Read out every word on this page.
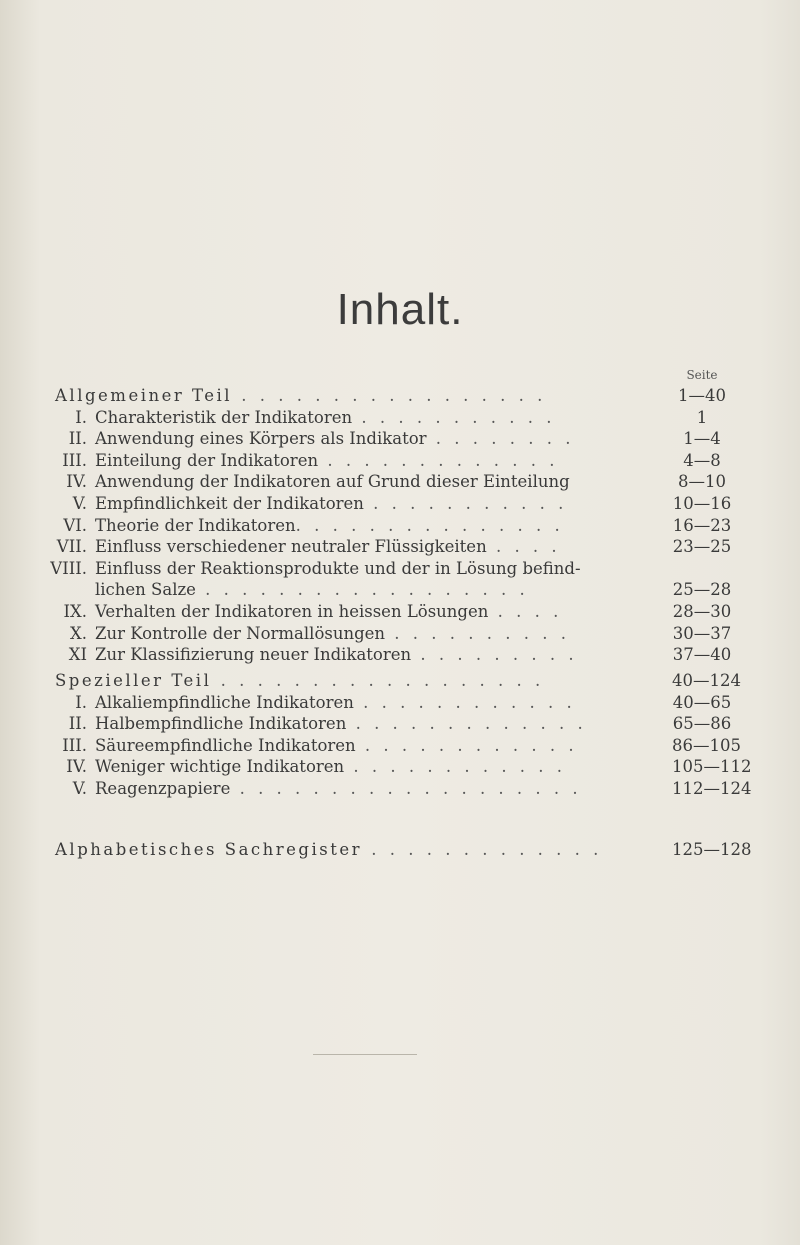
Inhalt.
Seite
Allgemeiner Teil . . . . . . . . . . . . . . . . .	1—40
I. Charakteristik der Indikatoren . . . . . . . . . . .	1
II. Anwendung eines Körpers als Indikator . . . . . . . .	1—4
III. Einteilung der Indikatoren . . . . . . . . . . . . .	4—8
IV. Anwendung der Indikatoren auf Grund dieser Einteilung	8—10
V. Empfindlichkeit der Indikatoren . . . . . . . . . . .	10—16
VI. Theorie der Indikatoren. . . . . . . . . . . . . . .	16—23
VII. Einfluss verschiedener neutraler Flüssigkeiten . . . .	23—25
VIII. Einfluss der Reaktionsprodukte und der in Lösung befind-
lichen Salze . . . . . . . . . . . . . . . . . .	25—28
IX. Verhalten der Indikatoren in heissen Lösungen . . . .	28—30
X. Zur Kontrolle der Normallösungen . . . . . . . . . .	30—37
XI Zur Klassifizierung neuer Indikatoren . . . . . . . . .	37—40
Spezieller Teil . . . . . . . . . . . . . . . . . .	40—124
I. Alkaliempfindliche Indikatoren . . . . . . . . . . . .	40—65
II. Halbempfindliche Indikatoren . . . . . . . . . . . . .	65—86
III. Säureempfindliche Indikatoren . . . . . . . . . . . .	86—105
IV. Weniger wichtige Indikatoren . . . . . . . . . . . .	105—112
V. Reagenzpapiere . . . . . . . . . . . . . . . . . . .	112—124
Alphabetisches Sachregister . . . . . . . . . . . . .	125—128
